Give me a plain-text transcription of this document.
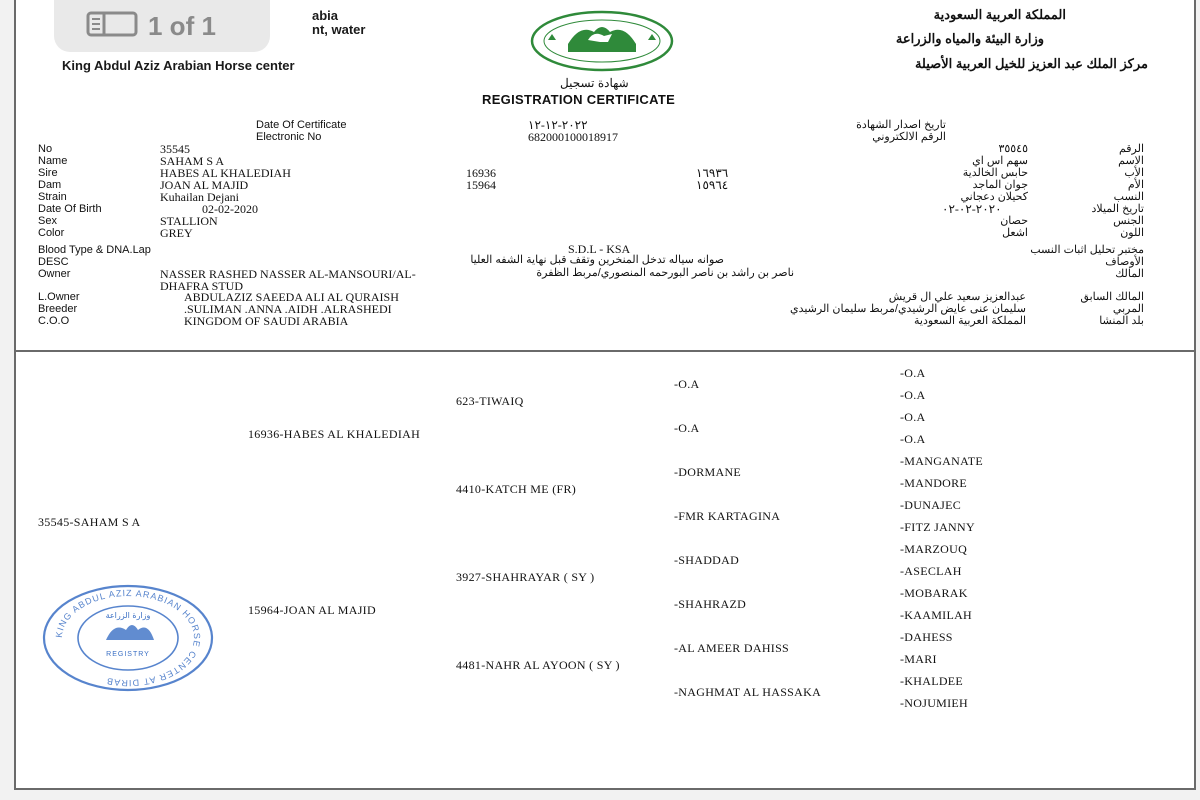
abia
nt, water
King Abdul Aziz Arabian Horse center
المملكة العربية السعودية
وزارة البيئة والمياه والزراعة
مركز الملك عبد العزيز للخيل العربية الأصيلة
شهادة تسجيل
REGISTRATION CERTIFICATE
Date Of Certificate	٢٠٢٢-١٢-١٢	تاريخ اصدار الشهادة
Electronic No	682000100018917	الرقم الالكتروني
No	35545	٣٥٥٤٥	الرقم
Name	SAHAM S A	سهم اس اي	الاسم
Sire	HABES AL KHALEDIAH	16936	١٦٩٣٦	حابس الخالدية	الأب
Dam	JOAN AL MAJID	15964	١٥٩٦٤	جوان الماجد	الأم
Strain	Kuhailan Dejani	كحيلان دعجاني	النسب
Date Of Birth	02-02-2020	٢٠٢٠-٠٢-٠٢	تاريخ الميلاد
Sex	STALLION	حصان	الجنس
Color	GREY	اشعل	اللون
Blood Type & DNA.Lap	S.D.L - KSA	مختبر تحليل اثبات النسب
DESC	صوانه سياله تدخل المنخرين وتقف قبل نهاية الشفه العليا	الأوصاف
Owner	NASSER RASHED NASSER AL-MANSOURI/AL-
DHAFRA STUD
ناصر بن راشد بن ناصر البورحمه المنصوري/مربط الظفرة	المالك
L.Owner	ABDULAZIZ SAEEDA ALI AL QURAISH	عبدالعزيز سعيد علي ال قريش	المالك السابق
Breeder	.SULIMAN .ANNA .AIDH .ALRASHEDI	سليمان عنى عايض الرشيدي/مربط سليمان الرشيدي	المربي
C.O.O	KINGDOM OF SAUDI ARABIA	المملكة العربية السعودية	بلد المنشا
35545-SAHAM S A
16936-HABES AL KHALEDIAH
15964-JOAN AL MAJID
623-TIWAIQ
4410-KATCH ME (FR)
3927-SHAHRAYAR ( SY )
4481-NAHR AL AYOON ( SY )
-O.A
-O.A
-DORMANE
-FMR KARTAGINA
-SHADDAD
-SHAHRAZD
-AL AMEER DAHISS
-NAGHMAT AL HASSAKA
-O.A
-O.A
-O.A
-O.A
-MANGANATE
-MANDORE
-DUNAJEC
-FITZ JANNY
-MARZOUQ
-ASECLAH
-MOBARAK
-KAAMILAH
-DAHESS
-MARI
-KHALDEE
-NOJUMIEH
KING ABDUL AZIZ ARABIAN HORSE CENTER AT DIRAB
وزارة الزراعة
REGISTRY
1 of 1
